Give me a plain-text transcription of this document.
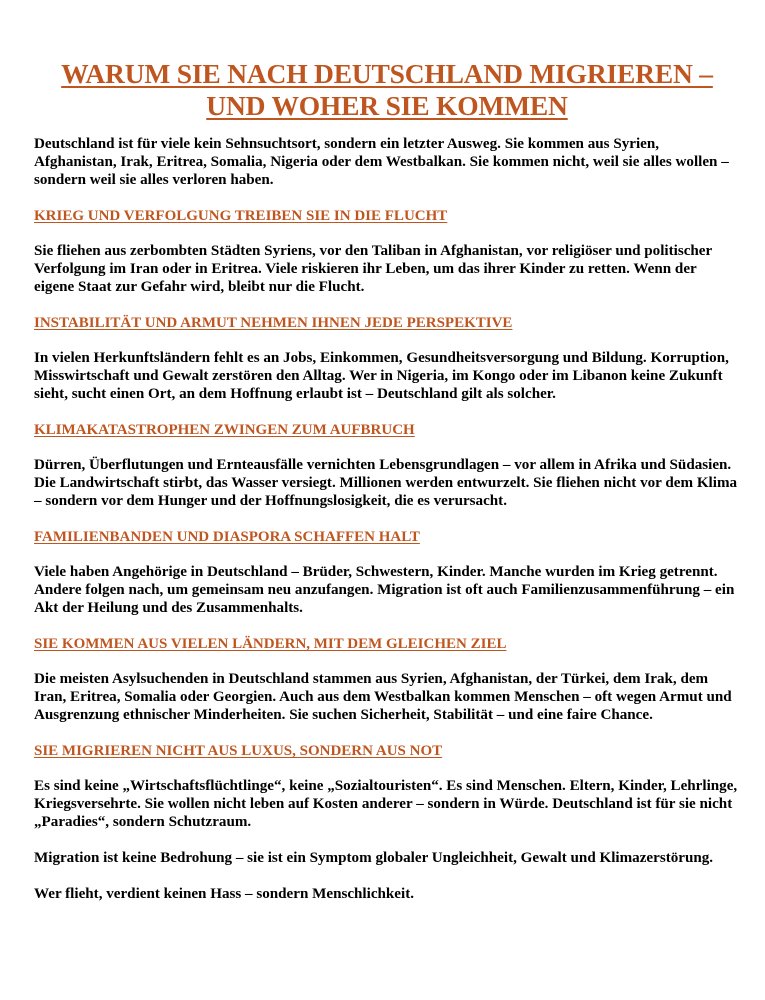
WARUM SIE NACH DEUTSCHLAND MIGRIEREN –
UND WOHER SIE KOMMEN

Deutschland ist für viele kein Sehnsuchtsort, sondern ein letzter Ausweg. Sie kommen aus Syrien, Afghanistan, Irak, Eritrea, Somalia, Nigeria oder dem Westbalkan. Sie kommen nicht, weil sie alles wollen – sondern weil sie alles verloren haben.

KRIEG UND VERFOLGUNG TREIBEN SIE IN DIE FLUCHT

Sie fliehen aus zerbombten Städten Syriens, vor den Taliban in Afghanistan, vor religiöser und politischer Verfolgung im Iran oder in Eritrea. Viele riskieren ihr Leben, um das ihrer Kinder zu retten. Wenn der eigene Staat zur Gefahr wird, bleibt nur die Flucht.

INSTABILITÄT UND ARMUT NEHMEN IHNEN JEDE PERSPEKTIVE

In vielen Herkunftsländern fehlt es an Jobs, Einkommen, Gesundheitsversorgung und Bildung. Korruption, Misswirtschaft und Gewalt zerstören den Alltag. Wer in Nigeria, im Kongo oder im Libanon keine Zukunft sieht, sucht einen Ort, an dem Hoffnung erlaubt ist – Deutschland gilt als solcher.

KLIMAKATASTROPHEN ZWINGEN ZUM AUFBRUCH

Dürren, Überflutungen und Ernteausfälle vernichten Lebensgrundlagen – vor allem in Afrika und Südasien. Die Landwirtschaft stirbt, das Wasser versiegt. Millionen werden entwurzelt. Sie fliehen nicht vor dem Klima – sondern vor dem Hunger und der Hoffnungslosigkeit, die es verursacht.

FAMILIENBANDEN UND DIASPORA SCHAFFEN HALT

Viele haben Angehörige in Deutschland – Brüder, Schwestern, Kinder. Manche wurden im Krieg getrennt. Andere folgen nach, um gemeinsam neu anzufangen. Migration ist oft auch Familienzusammenführung – ein Akt der Heilung und des Zusammenhalts.

SIE KOMMEN AUS VIELEN LÄNDERN, MIT DEM GLEICHEN ZIEL

Die meisten Asylsuchenden in Deutschland stammen aus Syrien, Afghanistan, der Türkei, dem Irak, dem Iran, Eritrea, Somalia oder Georgien. Auch aus dem Westbalkan kommen Menschen – oft wegen Armut und Ausgrenzung ethnischer Minderheiten. Sie suchen Sicherheit, Stabilität – und eine faire Chance.

SIE MIGRIEREN NICHT AUS LUXUS, SONDERN AUS NOT

Es sind keine „Wirtschaftsflüchtlinge“, keine „Sozialtouristen“. Es sind Menschen. Eltern, Kinder, Lehrlinge, Kriegsversehrte. Sie wollen nicht leben auf Kosten anderer – sondern in Würde. Deutschland ist für sie nicht „Paradies“, sondern Schutzraum.

Migration ist keine Bedrohung – sie ist ein Symptom globaler Ungleichheit, Gewalt und Klimazerstörung.

Wer flieht, verdient keinen Hass – sondern Menschlichkeit.
